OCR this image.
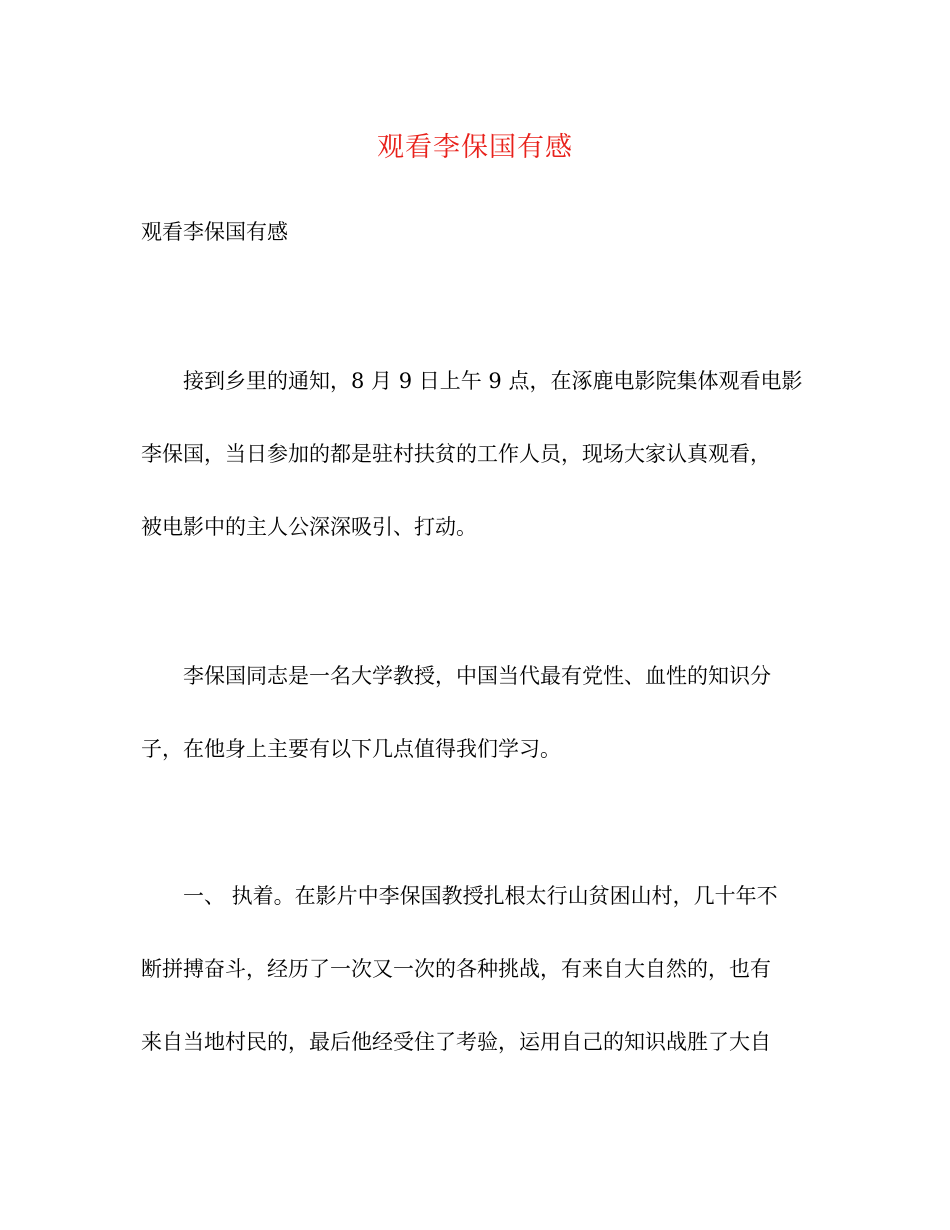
观看李保国有感
观看李保国有感

接到乡里的通知，8 月 9 日上午 9 点，在涿鹿电影院集体观看电影
李保国，当日参加的都是驻村扶贫的工作人员，现场大家认真观看，
被电影中的主人公深深吸引、打动。

李保国同志是一名大学教授，中国当代最有党性、血性的知识分
子，在他身上主要有以下几点值得我们学习。

一、 执着。在影片中李保国教授扎根太行山贫困山村，几十年不
断拼搏奋斗，经历了一次又一次的各种挑战，有来自大自然的，也有
来自当地村民的，最后他经受住了考验，运用自己的知识战胜了大自
